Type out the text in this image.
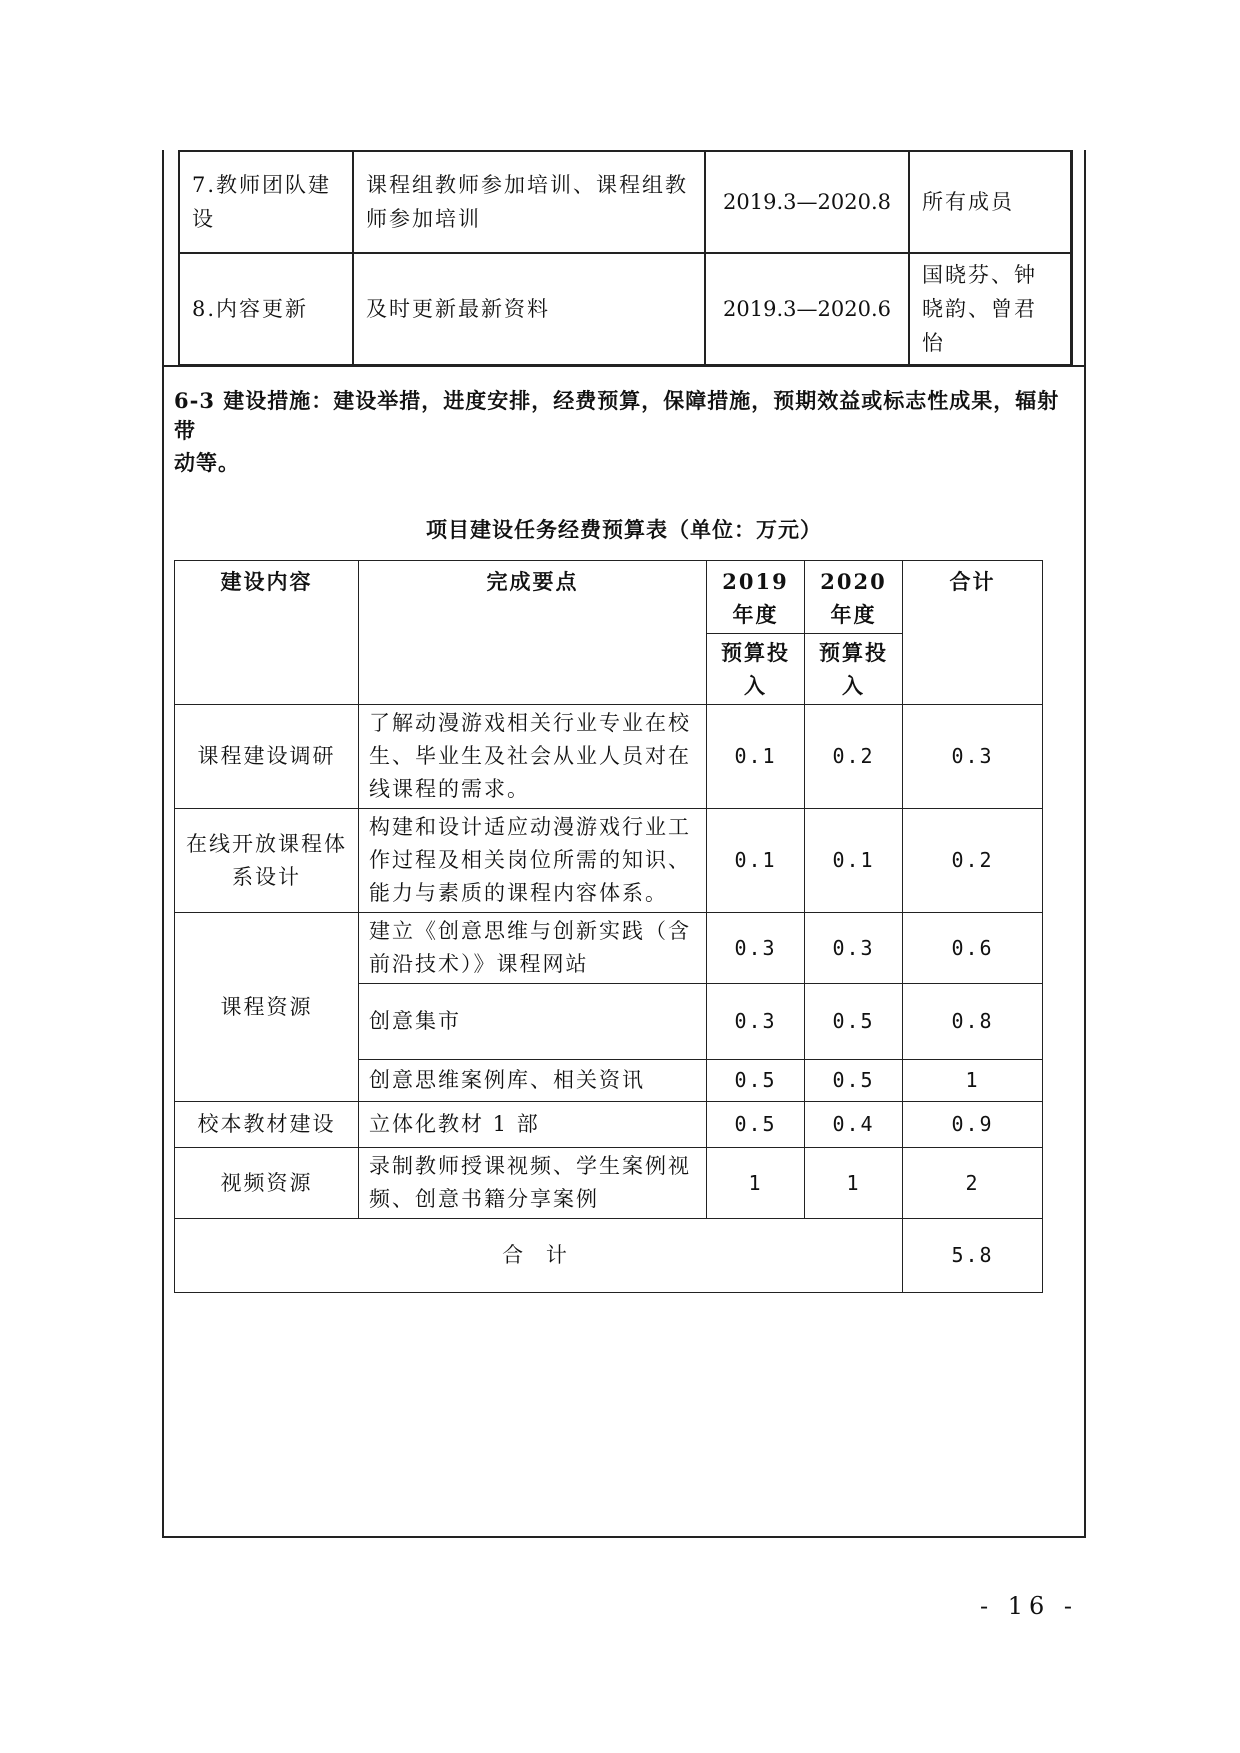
7.教师团队建设	课程组教师参加培训、课程组教师参加培训	2019.3—2020.8	所有成员
8.内容更新	及时更新最新资料	2019.3—2020.6	国晓芬、钟晓韵、曾君怡
6-3 建设措施：建设举措，进度安排，经费预算，保障措施，预期效益或标志性成果，辐射带
动等。
项目建设任务经费预算表（单位：万元）
建设内容	完成要点	2019 年度	2020 年度	合计
		预算投入	预算投入	
课程建设调研	了解动漫游戏相关行业专业在校生、毕业生及社会从业人员对在线课程的需求。	0.1	0.2	0.3
在线开放课程体系设计	构建和设计适应动漫游戏行业工作过程及相关岗位所需的知识、能力与素质的课程内容体系。	0.1	0.1	0.2
课程资源	建立《创意思维与创新实践（含前沿技术）》课程网站	0.3	0.3	0.6
	创意集市	0.3	0.5	0.8
	创意思维案例库、相关资讯	0.5	0.5	1
校本教材建设	立体化教材 1 部	0.5	0.4	0.9
视频资源	录制教师授课视频、学生案例视频、创意书籍分享案例	1	1	2
合 计				5.8
- 16 -
